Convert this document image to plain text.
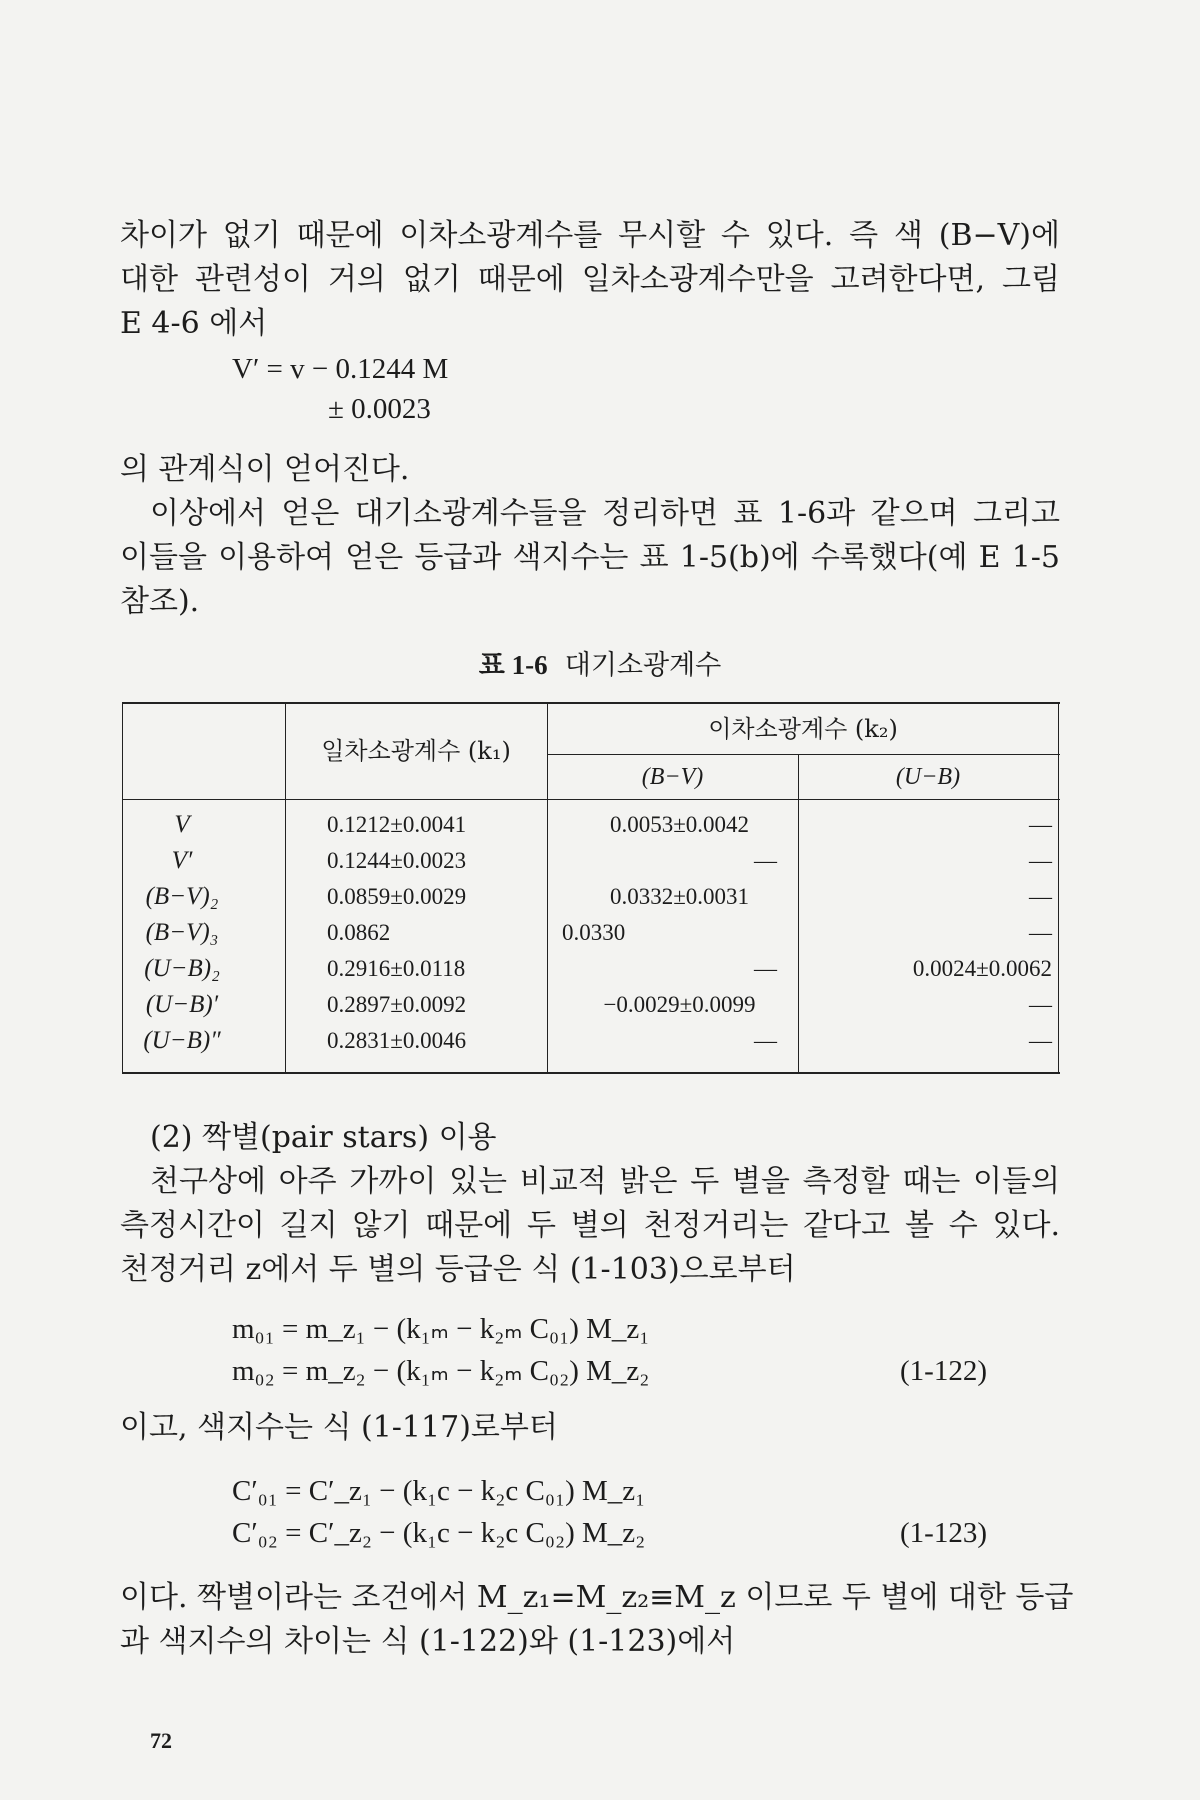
차이가 없기 때문에 이차소광계수를 무시할 수 있다. 즉 색 (B−V)에
대한 관련성이 거의 없기 때문에 일차소광계수만을 고려한다면, 그림
E 4-6 에서
V′ = v − 0.1244 M
± 0.0023
의 관계식이 얻어진다.
이상에서 얻은 대기소광계수들을 정리하면 표 1-6과 같으며 그리고
이들을 이용하여 얻은 등급과 색지수는 표 1-5(b)에 수록했다(예 E 1-5
참조).
표 1-6 대기소광계수
일차소광계수 (k₁)
이차소광계수 (k₂)
(B−V)	(U−B)
V	0.1212±0.0041	0.0053±0.0042	—
V′	0.1244±0.0023	—	—
(B−V)₂	0.0859±0.0029	0.0332±0.0031	—
(B−V)₃	0.0862	0.0330	—
(U−B)₂	0.2916±0.0118	—	0.0024±0.0062
(U−B)′	0.2897±0.0092	−0.0029±0.0099	—
(U−B)″	0.2831±0.0046	—	—
(2) 짝별(pair stars) 이용
천구상에 아주 가까이 있는 비교적 밝은 두 별을 측정할 때는 이들의
측정시간이 길지 않기 때문에 두 별의 천정거리는 같다고 볼 수 있다.
천정거리 z에서 두 별의 등급은 식 (1-103)으로부터
m₀₁ = m_z₁ − (k₁ₘ − k₂ₘ C₀₁) M_z₁
m₀₂ = m_z₂ − (k₁ₘ − k₂ₘ C₀₂) M_z₂	(1-122)
이고, 색지수는 식 (1-117)로부터
C′₀₁ = C′_z₁ − (k₁c − k₂c C₀₁) M_z₁
C′₀₂ = C′_z₂ − (k₁c − k₂c C₀₂) M_z₂	(1-123)
이다. 짝별이라는 조건에서 M_z₁=M_z₂≡M_z 이므로 두 별에 대한 등급
과 색지수의 차이는 식 (1-122)와 (1-123)에서
72
